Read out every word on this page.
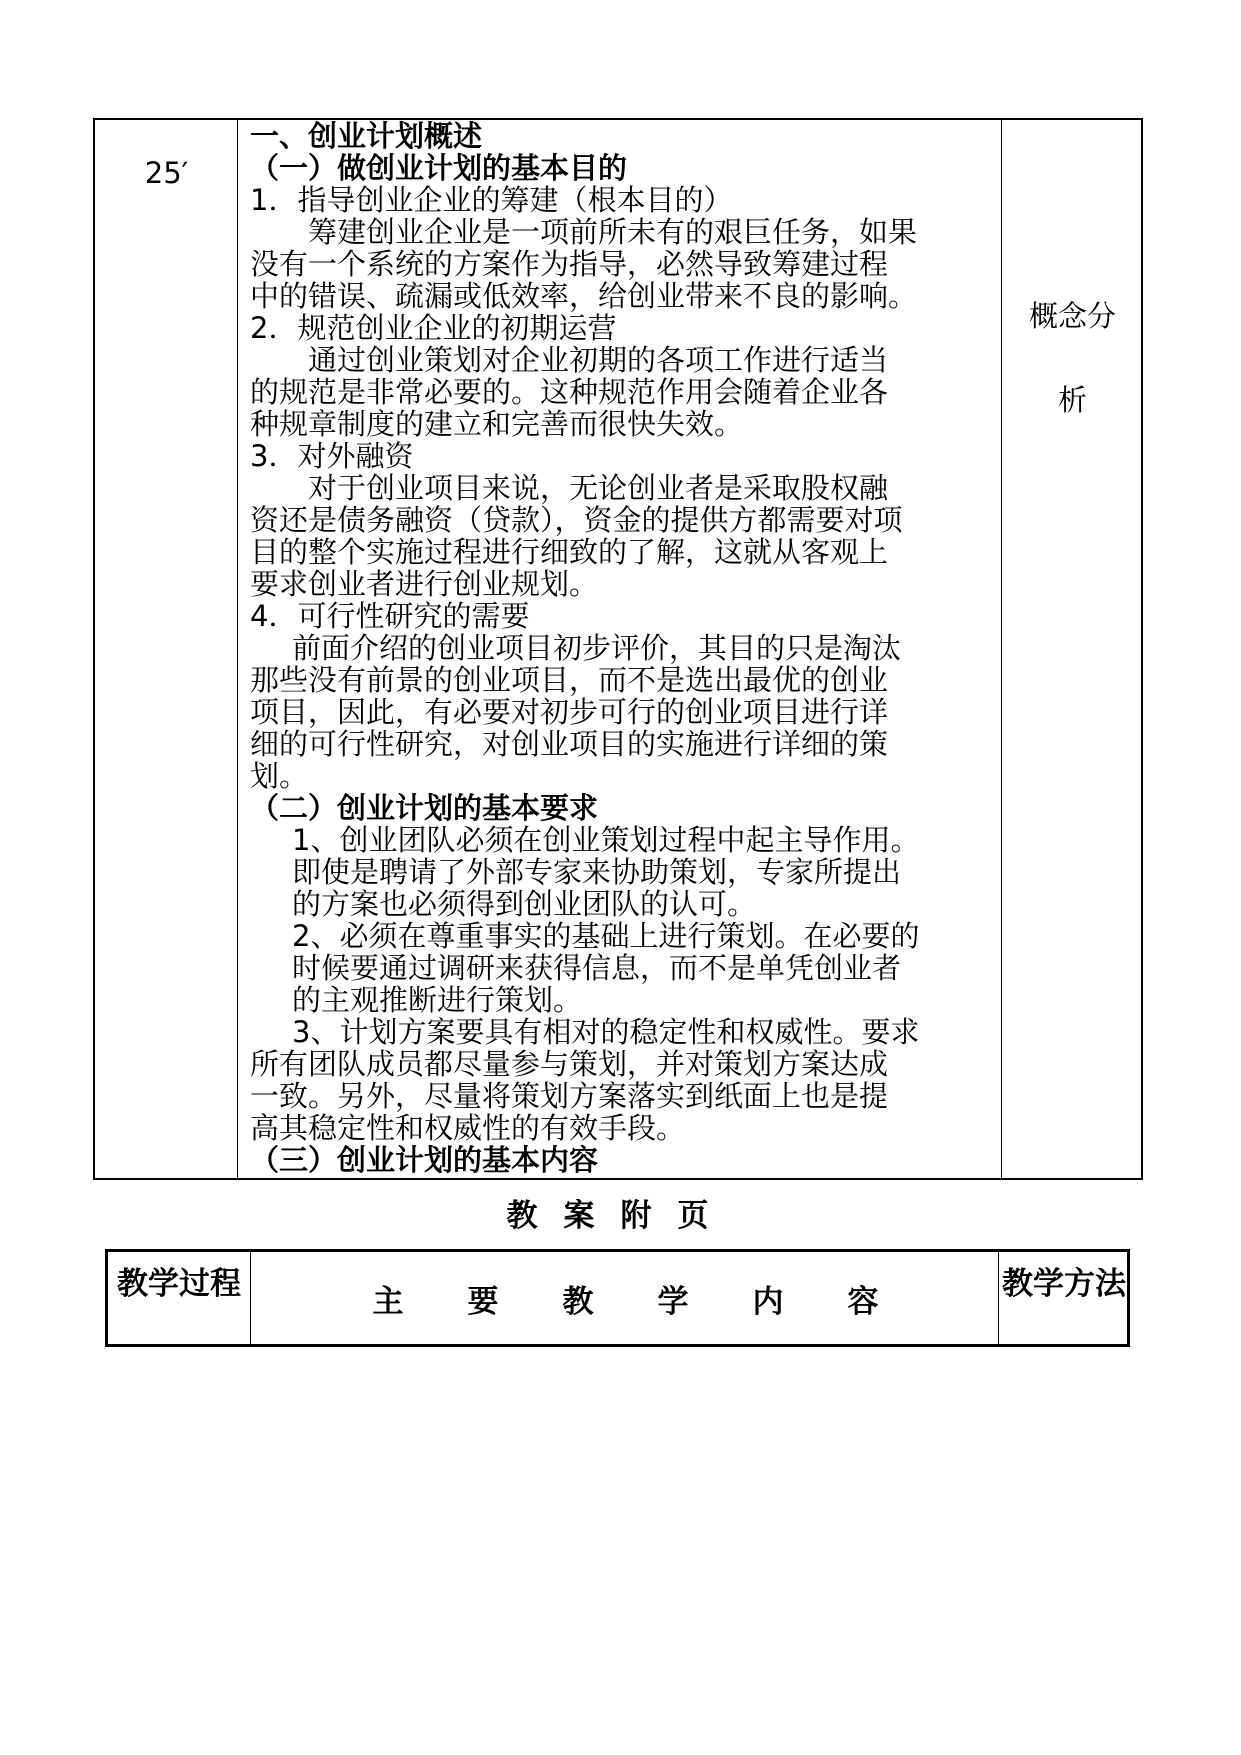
25′
一、创业计划概述
（一）做创业计划的基本目的
1．指导创业企业的筹建（根本目的）
筹建创业企业是一项前所未有的艰巨任务，如果
没有一个系统的方案作为指导，必然导致筹建过程
中的错误、疏漏或低效率，给创业带来不良的影响。
2．规范创业企业的初期运营
通过创业策划对企业初期的各项工作进行适当
的规范是非常必要的。这种规范作用会随着企业各
种规章制度的建立和完善而很快失效。
3．对外融资
对于创业项目来说，无论创业者是采取股权融
资还是债务融资（贷款），资金的提供方都需要对项
目的整个实施过程进行细致的了解，这就从客观上
要求创业者进行创业规划。
4．可行性研究的需要
前面介绍的创业项目初步评价，其目的只是淘汰
那些没有前景的创业项目，而不是选出最优的创业
项目，因此，有必要对初步可行的创业项目进行详
细的可行性研究，对创业项目的实施进行详细的策
划。
（二）创业计划的基本要求
1、创业团队必须在创业策划过程中起主导作用。
即使是聘请了外部专家来协助策划，专家所提出
的方案也必须得到创业团队的认可。
2、必须在尊重事实的基础上进行策划。在必要的
时候要通过调研来获得信息，而不是单凭创业者
的主观推断进行策划。
3、计划方案要具有相对的稳定性和权威性。要求
所有团队成员都尽量参与策划，并对策划方案达成
一致。另外，尽量将策划方案落实到纸面上也是提
高其稳定性和权威性的有效手段。
（三）创业计划的基本内容
概念分
析
教案附页
教学过程	主要教学内容	教学方法
